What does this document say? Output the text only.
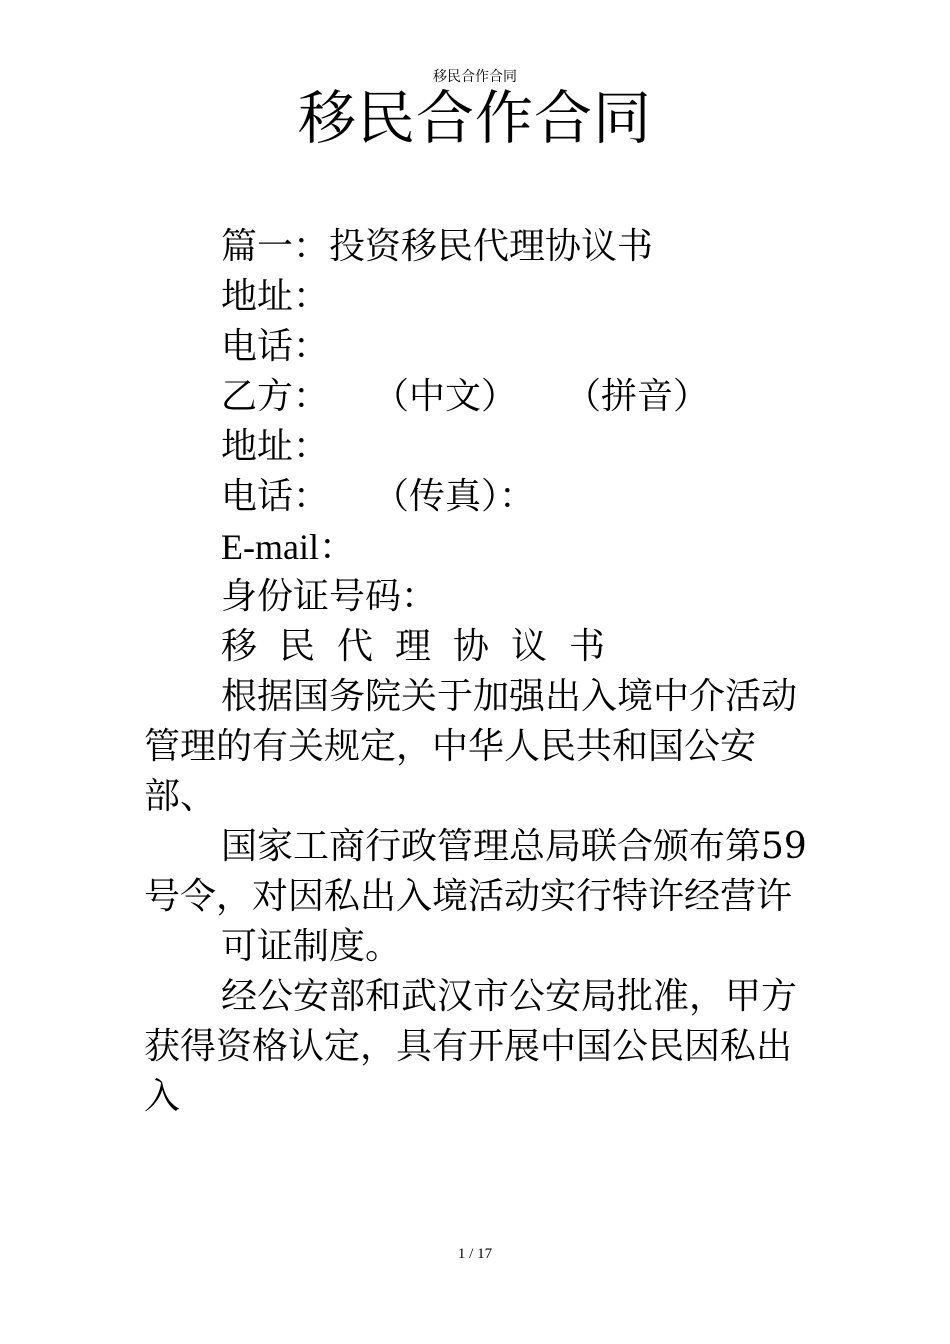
移民合作合同
移民合作合同

篇一：投资移民代理协议书

地址：

电话：

乙方： （中文） （拼音）

地址：

电话： （传真）：

E-mail：

身份证号码：

移民代理协议书

根据国务院关于加强出入境中介活动管理的有关规定，中华人民共和国公安部、

国家工商行政管理总局联合颁布第59 号令，对因私出入境活动实行特许经营许

可证制度。

经公安部和武汉市公安局批准，甲方获得资格认定，具有开展中国公民因私出入

1 / 17
